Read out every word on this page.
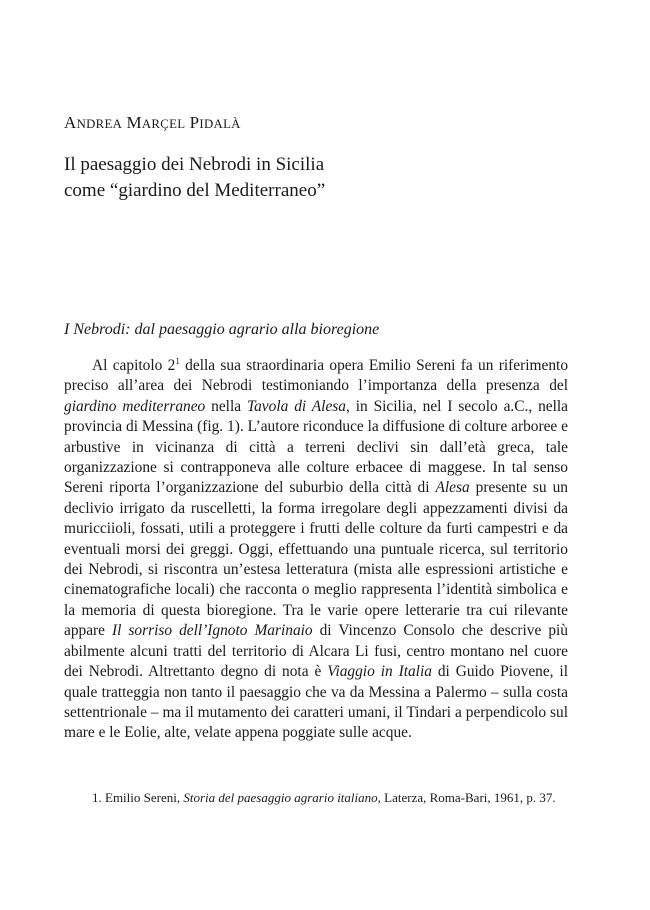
ANDREA MARÇEL PIDALÀ
Il paesaggio dei Nebrodi in Sicilia
come “giardino del Mediterraneo”
I Nebrodi: dal paesaggio agrario alla bioregione

Al capitolo $2^1$ della sua straordinaria opera Emilio Sereni fa un riferimento preciso all’area dei Nebrodi testimoniando l’importanza della presenza del giardino mediterraneo nella Tavola di Alesa, in Sicilia, nel I secolo a.C., nella provincia di Messina (fig. 1). L’autore riconduce la diffusione di colture arboree e arbustive in vicinanza di città a terreni declivi sin dall’età greca, tale organizzazione si contrapponeva alle colture erbacee di maggese. In tal senso Sereni riporta l’organizzazione del suburbio della città di Alesa presente su un declivio irrigato da ruscelletti, la forma irregolare degli appezzamenti divisi da muricciioli, fossati, utili a proteggere i frutti delle colture da furti campestri e da eventuali morsi dei greggi. Oggi, effettuando una puntuale ricerca, sul territorio dei Nebrodi, si riscontra un’estesa letteratura (mista alle espressioni artistiche e cinematografiche locali) che racconta o meglio rappresenta l’identità simbolica e la memoria di questa bioregione. Tra le varie opere letterarie tra cui rilevante appare Il sorriso dell’Ignoto Marinaio di Vincenzo Consolo che descrive più abilmente alcuni tratti del territorio di Alcara Li fusi, centro montano nel cuore dei Nebrodi. Altrettanto degno di nota è Viaggio in Italia di Guido Piovene, il quale tratteggia non tanto il paesaggio che va da Messina a Palermo – sulla costa settentrionale – ma il mutamento dei caratteri umani, il Tindari a perpendicolo sul mare e le Eolie, alte, velate appena poggiate sulle acque.

1. Emilio Sereni, Storia del paesaggio agrario italiano, Laterza, Roma-Bari, 1961, p. 37.
